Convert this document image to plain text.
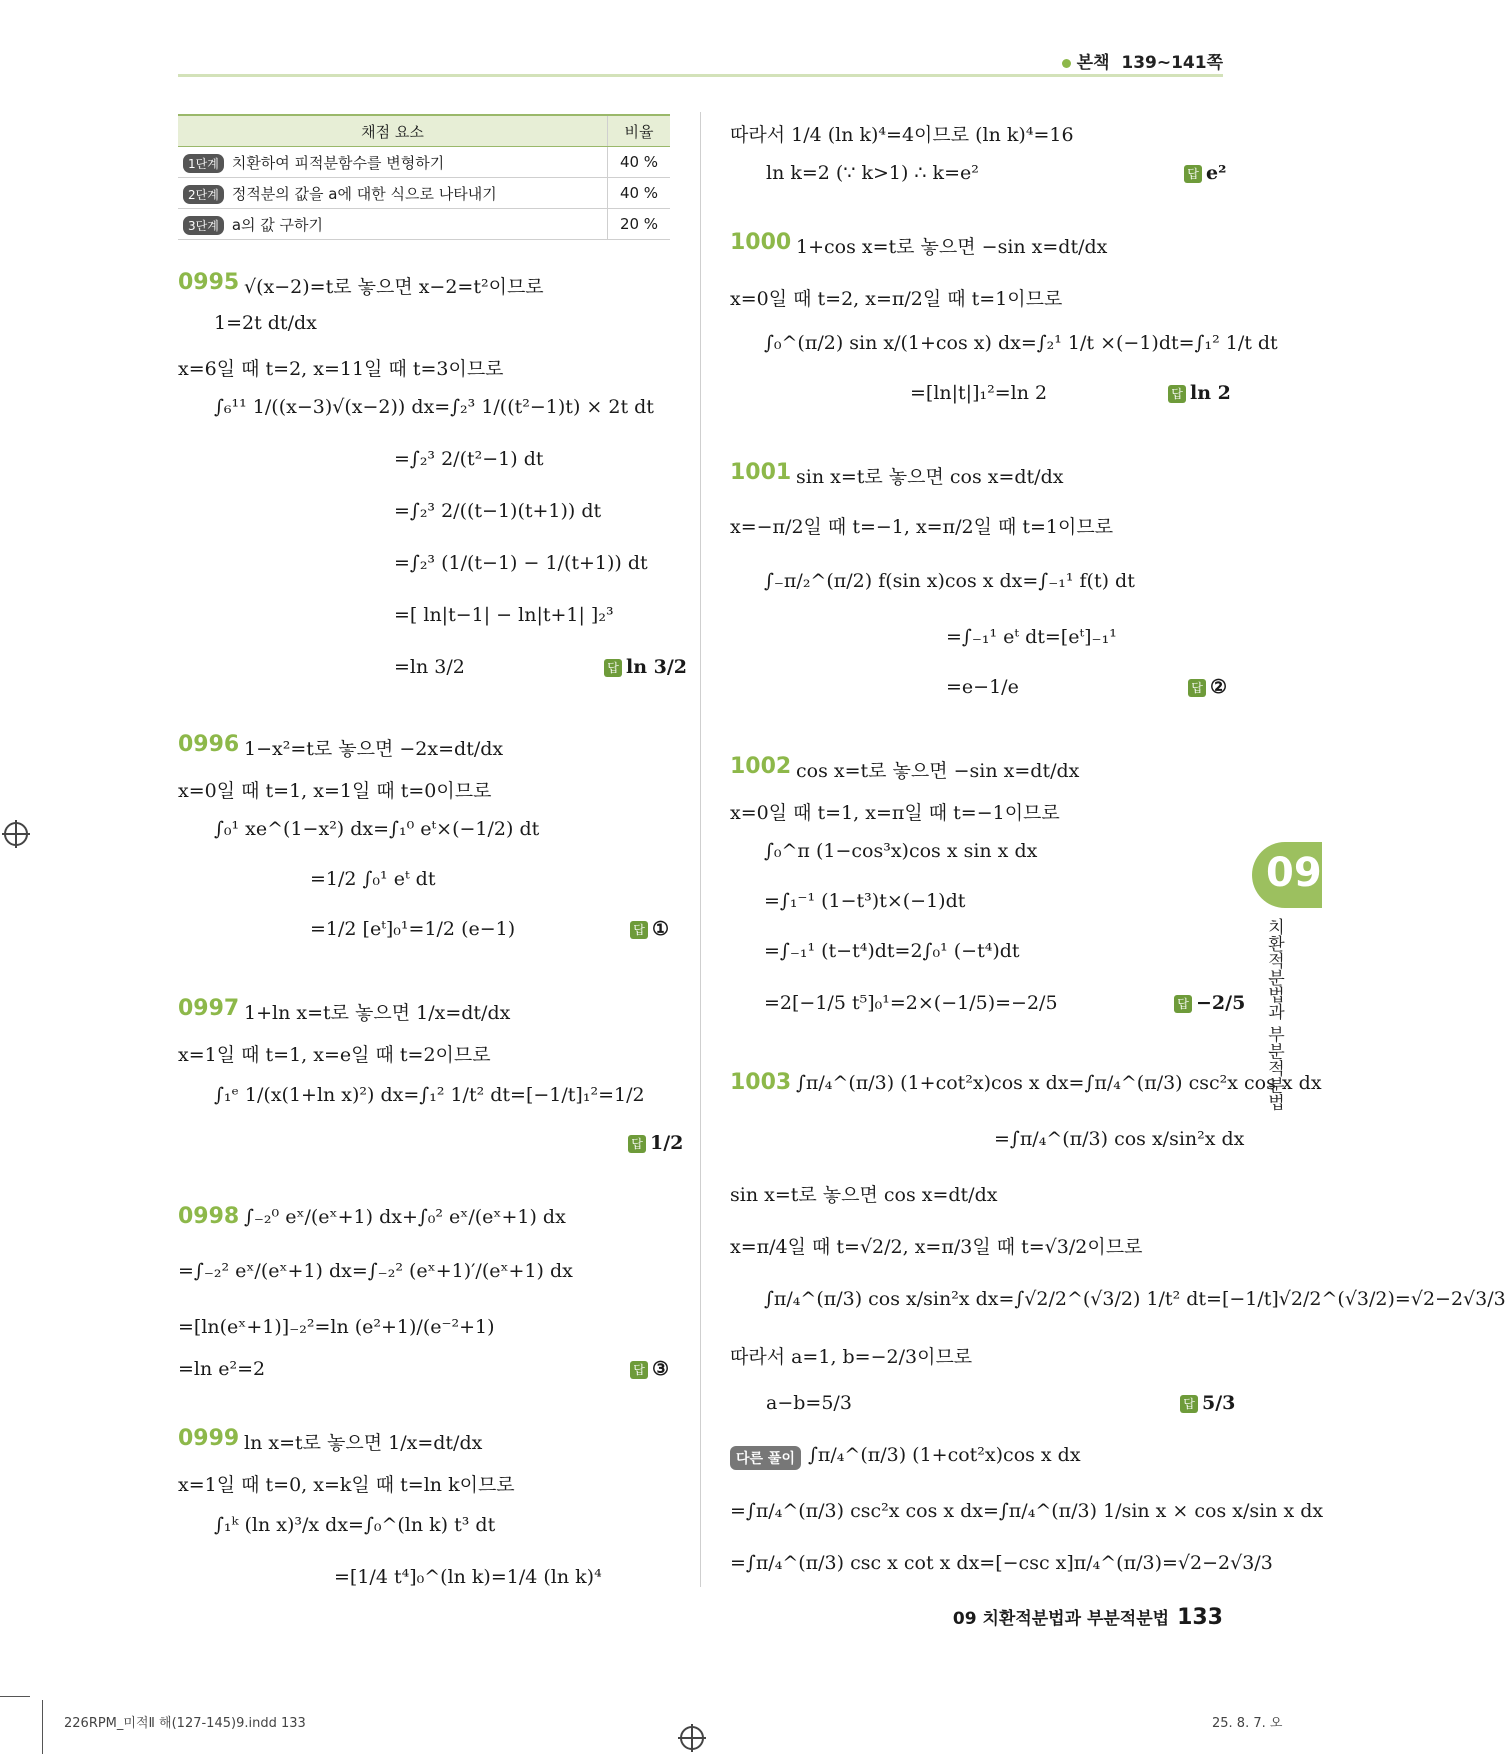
본책 139~141쪽
채점 요소	비율
1단계 치환하여 피적분함수를 변형하기	40 %
2단계 정적분의 값을 a에 대한 식으로 나타내기	40 %
3단계 a의 값 구하기	20 %
0995 √(x−2)=t로 놓으면 x−2=t²이므로
1=2t dt/dx
x=6일 때 t=2, x=11일 때 t=3이므로
∫₆¹¹ 1/((x−3)√(x−2)) dx=∫₂³ 1/((t²−1)t) × 2t dt
=∫₂³ 2/(t²−1) dt
=∫₂³ 2/((t−1)(t+1)) dt
=∫₂³ (1/(t−1) − 1/(t+1)) dt
=[ ln|t−1| − ln|t+1| ]₂³
=ln 3/2	답 ln 3/2
0996 1−x²=t로 놓으면 −2x=dt/dx
x=0일 때 t=1, x=1일 때 t=0이므로
∫₀¹ xe^(1−x²) dx=∫₁⁰ eᵗ×(−1/2) dt
=1/2 ∫₀¹ eᵗ dt
=1/2 [eᵗ]₀¹=1/2 (e−1)	답 ①
0997 1+ln x=t로 놓으면 1/x=dt/dx
x=1일 때 t=1, x=e일 때 t=2이므로
∫₁ᵉ 1/(x(1+ln x)²) dx=∫₁² 1/t² dt=[−1/t]₁²=1/2
답 1/2
0998 ∫₋₂⁰ eˣ/(eˣ+1) dx+∫₀² eˣ/(eˣ+1) dx
=∫₋₂² eˣ/(eˣ+1) dx=∫₋₂² (eˣ+1)′/(eˣ+1) dx
=[ln(eˣ+1)]₋₂²=ln (e²+1)/(e⁻²+1)
=ln e²=2	답 ③
0999 ln x=t로 놓으면 1/x=dt/dx
x=1일 때 t=0, x=k일 때 t=ln k이므로
∫₁ᵏ (ln x)³/x dx=∫₀^(ln k) t³ dt
=[1/4 t⁴]₀^(ln k)=1/4 (ln k)⁴
따라서 1/4 (ln k)⁴=4이므로 (ln k)⁴=16
ln k=2 (∵ k>1) ∴ k=e²	답 e²
1000 1+cos x=t로 놓으면 −sin x=dt/dx
x=0일 때 t=2, x=π/2일 때 t=1이므로
∫₀^(π/2) sin x/(1+cos x) dx=∫₂¹ 1/t ×(−1)dt=∫₁² 1/t dt
=[ln|t|]₁²=ln 2	답 ln 2
1001 sin x=t로 놓으면 cos x=dt/dx
x=−π/2일 때 t=−1, x=π/2일 때 t=1이므로
∫₋π/₂^(π/2) f(sin x)cos x dx=∫₋₁¹ f(t) dt
=∫₋₁¹ eᵗ dt=[eᵗ]₋₁¹
=e−1/e	답 ②
1002 cos x=t로 놓으면 −sin x=dt/dx
x=0일 때 t=1, x=π일 때 t=−1이므로
∫₀^π (1−cos³x)cos x sin x dx
=∫₁⁻¹ (1−t³)t×(−1)dt
=∫₋₁¹ (t−t⁴)dt=2∫₀¹ (−t⁴)dt
=2[−1/5 t⁵]₀¹=2×(−1/5)=−2/5	답 −2/5
1003 ∫π/₄^(π/3) (1+cot²x)cos x dx=∫π/₄^(π/3) csc²x cos x dx
=∫π/₄^(π/3) cos x/sin²x dx
sin x=t로 놓으면 cos x=dt/dx
x=π/4일 때 t=√2/2, x=π/3일 때 t=√3/2이므로
∫π/₄^(π/3) cos x/sin²x dx=∫√2/2^(√3/2) 1/t² dt=[−1/t]√2/2^(√3/2)=√2−2√3/3
따라서 a=1, b=−2/3이므로
a−b=5/3	답 5/3
다른 풀이 ∫π/₄^(π/3) (1+cot²x)cos x dx
=∫π/₄^(π/3) csc²x cos x dx=∫π/₄^(π/3) 1/sin x × cos x/sin x dx
=∫π/₄^(π/3) csc x cot x dx=[−csc x]π/₄^(π/3)=√2−2√3/3
09
치환적분법과 부분적분법
09 치환적분법과 부분적분법 133
226RPM_미적Ⅱ 해(127-145)9.indd 133	25. 8. 7. 오
